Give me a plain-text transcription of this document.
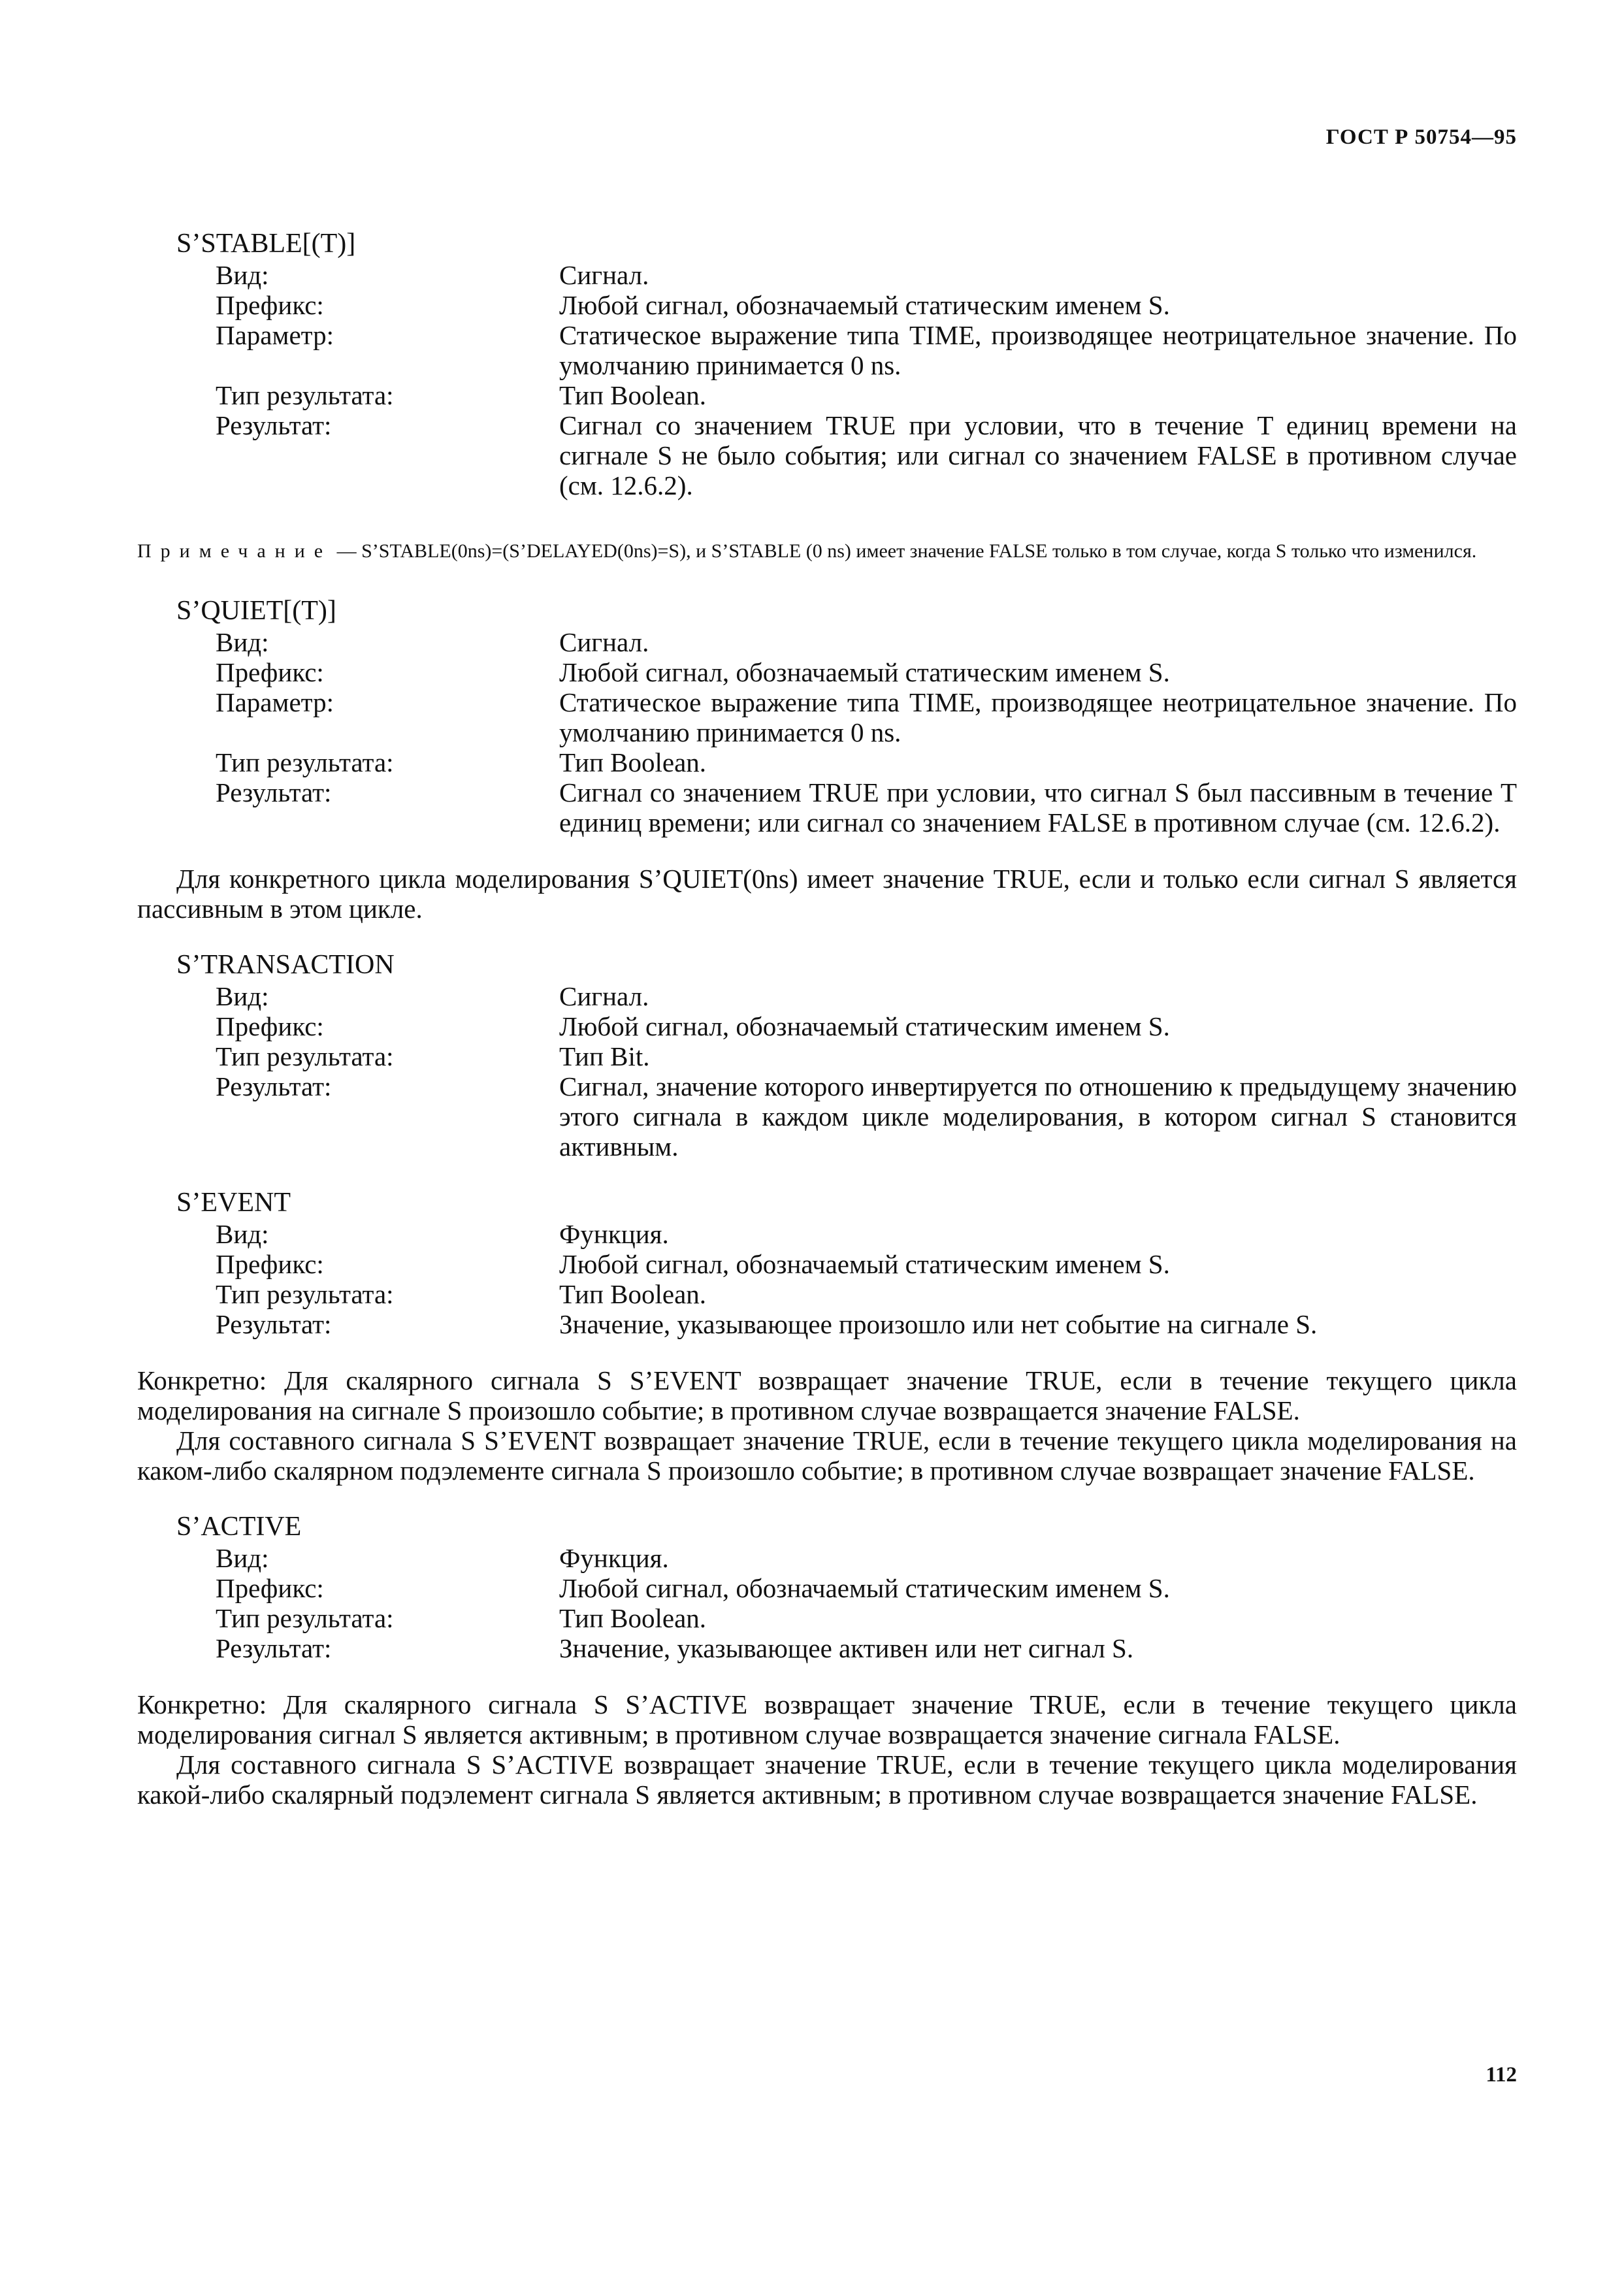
ГОСТ Р 50754—95
S’STABLE[(T)]
Вид:	Сигнал.
Префикс:	Любой сигнал, обозначаемый статическим именем S.
Параметр:	Статическое выражение типа TIME, производящее неотрицательное значение. По умолчанию принимается 0 ns.
Тип результата:	Тип Boolean.
Результат:	Сигнал со значением TRUE при условии, что в течение T единиц времени на сигнале S не было события; или сигнал со значением FALSE в противном случае (см. 12.6.2).
Примечание — S’STABLE(0ns)=(S’DELAYED(0ns)=S), и S’STABLE (0 ns) имеет значение FALSE только в том случае, когда S только что изменился.
S’QUIET[(T)]
Вид:	Сигнал.
Префикс:	Любой сигнал, обозначаемый статическим именем S.
Параметр:	Статическое выражение типа TIME, производящее неотрицательное значение. По умолчанию принимается 0 ns.
Тип результата:	Тип Boolean.
Результат:	Сигнал со значением TRUE при условии, что сигнал S был пассивным в течение T единиц времени; или сигнал со значением FALSE в противном случае (см. 12.6.2).
Для конкретного цикла моделирования S’QUIET(0ns) имеет значение TRUE, если и только если сигнал S является пассивным в этом цикле.
S’TRANSACTION
Вид:	Сигнал.
Префикс:	Любой сигнал, обозначаемый статическим именем S.
Тип результата:	Тип Bit.
Результат:	Сигнал, значение которого инвертируется по отношению к предыдущему значению этого сигнала в каждом цикле моделирования, в котором сигнал S становится активным.
S’EVENT
Вид:	Функция.
Префикс:	Любой сигнал, обозначаемый статическим именем S.
Тип результата:	Тип Boolean.
Результат:	Значение, указывающее произошло или нет событие на сигнале S.
Конкретно: Для скалярного сигнала S S’EVENT возвращает значение TRUE, если в течение текущего цикла моделирования на сигнале S произошло событие; в противном случае возвращается значение FALSE.
Для составного сигнала S S’EVENT возвращает значение TRUE, если в течение текущего цикла моделирования на каком-либо скалярном подэлементе сигнала S произошло событие; в противном случае возвращает значение FALSE.
S’ACTIVE
Вид:	Функция.
Префикс:	Любой сигнал, обозначаемый статическим именем S.
Тип результата:	Тип Boolean.
Результат:	Значение, указывающее активен или нет сигнал S.
Конкретно: Для скалярного сигнала S S’ACTIVE возвращает значение TRUE, если в течение текущего цикла моделирования сигнал S является активным; в противном случае возвращается значение сигнала FALSE.
Для составного сигнала S S’ACTIVE возвращает значение TRUE, если в течение текущего цикла моделирования какой-либо скалярный подэлемент сигнала S является активным; в противном случае возвращается значение FALSE.
112
